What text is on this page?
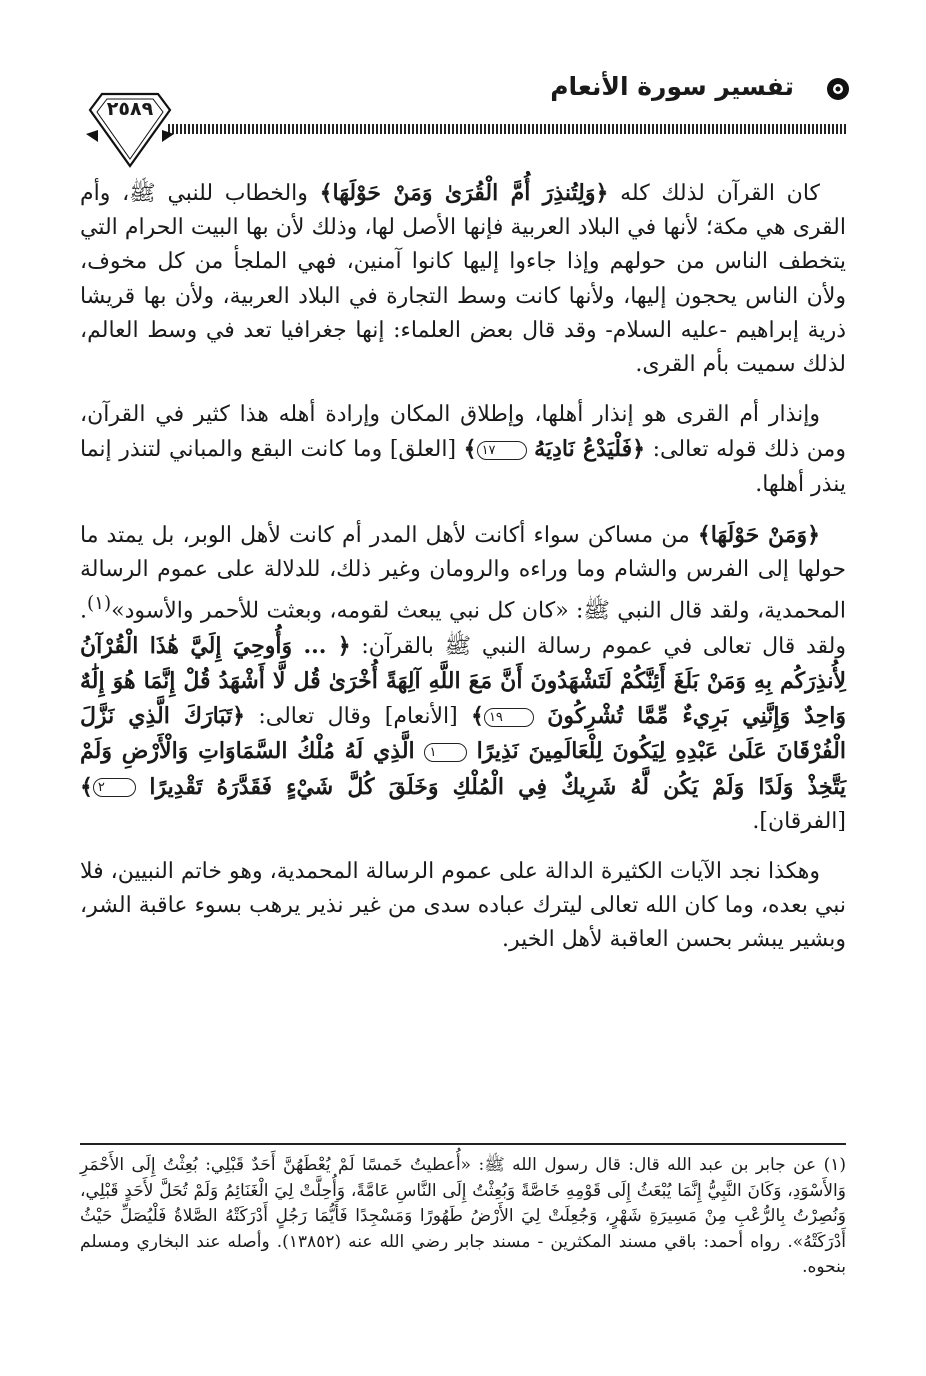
تفسير سورة الأنعام
٢٥٨٩

كان القرآن لذلك كله ﴿وَلِتُنذِرَ أُمَّ الْقُرَىٰ وَمَنْ حَوْلَهَا﴾ والخطاب للنبي ﷺ، وأم القرى هي مكة؛ لأنها في البلاد العربية فإنها الأصل لها، وذلك لأن بها البيت الحرام التي يتخطف الناس من حولهم وإذا جاءوا إليها كانوا آمنين، فهي الملجأ من كل مخوف، ولأن الناس يحجون إليها، ولأنها كانت وسط التجارة في البلاد العربية، ولأن بها قريشا ذرية إبراهيم -عليه السلام- وقد قال بعض العلماء: إنها جغرافيا تعد في وسط العالم، لذلك سميت بأم القرى.

وإنذار أم القرى هو إنذار أهلها، وإطلاق المكان وإرادة أهله هذا كثير في القرآن، ومن ذلك قوله تعالى: ﴿فَلْيَدْعُ نَادِيَهُ ١٧﴾ [العلق] وما كانت البقع والمباني لتنذر إنما ينذر أهلها.

﴿وَمَنْ حَوْلَهَا﴾ من مساكن سواء أكانت لأهل المدر أم كانت لأهل الوبر، بل يمتد ما حولها إلى الفرس والشام وما وراءه والرومان وغير ذلك، للدلالة على عموم الرسالة المحمدية، ولقد قال النبي ﷺ: «كان كل نبي يبعث لقومه، وبعثت للأحمر والأسود»$^{(١)}$. ولقد قال تعالى في عموم رسالة النبي ﷺ بالقرآن: ﴿ ... وَأُوحِيَ إِلَيَّ هَٰذَا الْقُرْآنُ لِأُنذِرَكُم بِهِ وَمَنْ بَلَغَ أَئِنَّكُمْ لَتَشْهَدُونَ أَنَّ مَعَ اللَّهِ آلِهَةً أُخْرَىٰ قُل لَّا أَشْهَدُ قُلْ إِنَّمَا هُوَ إِلَٰهٌ وَاحِدٌ وَإِنَّنِي بَرِيءٌ مِّمَّا تُشْرِكُونَ ١٩﴾ [الأنعام] وقال تعالى: ﴿تَبَارَكَ الَّذِي نَزَّلَ الْفُرْقَانَ عَلَىٰ عَبْدِهِ لِيَكُونَ لِلْعَالَمِينَ نَذِيرًا ١ الَّذِي لَهُ مُلْكُ السَّمَاوَاتِ وَالْأَرْضِ وَلَمْ يَتَّخِذْ وَلَدًا وَلَمْ يَكُن لَّهُ شَرِيكٌ فِي الْمُلْكِ وَخَلَقَ كُلَّ شَيْءٍ فَقَدَّرَهُ تَقْدِيرًا ٢﴾ [الفرقان].

وهكذا نجد الآيات الكثيرة الدالة على عموم الرسالة المحمدية، وهو خاتم النبيين، فلا نبي بعده، وما كان الله تعالى ليترك عباده سدى من غير نذير يرهب بسوء عاقبة الشر، وبشير يبشر بحسن العاقبة لأهل الخير.

(١) عن جابر بن عبد الله قال: قال رسول الله ﷺ: «أُعطيتُ خَمسًا لَمْ يُعْطَهُنَّ أَحَدٌ قَبْلِي: بُعِثْتُ إِلَى الأَحْمَرِ وَالأَسْوَدِ، وَكَانَ النَّبِيُّ إِنَّمَا يُبْعَثُ إِلَى قَوْمِهِ خَاصَّةً وَبُعِثْتُ إِلَى النَّاسِ عَامَّةً، وَأُحِلَّتْ لِيَ الْغَنَائِمُ وَلَمْ تُحَلَّ لأَحَدٍ قَبْلِي، وَنُصِرْتُ بِالرُّعْبِ مِنْ مَسِيرَةِ شَهْرٍ، وَجُعِلَتْ لِيَ الأَرْضُ طَهُورًا وَمَسْجِدًا فَأَيُّمَا رَجُلٍ أَدْرَكَتْهُ الصَّلاةُ فَلْيُصَلِّ حَيْثُ أَدْرَكَتْهُ». رواه أحمد: باقي مسند المكثرين - مسند جابر رضي الله عنه (١٣٨٥٢). وأصله عند البخاري ومسلم بنحوه.
